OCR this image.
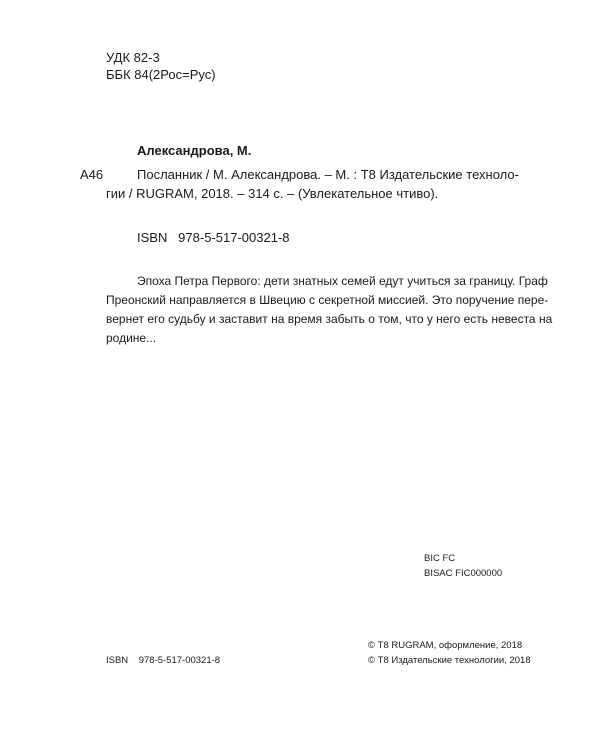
УДК 82-3
ББК 84(2Рос=Рус)
Александрова, М.
А46	Посланник / М. Александрова. – М. : Т8 Издательские техноло-
гии / RUGRAM, 2018. – 314 с. – (Увлекательное чтиво).
ISBN   978-5-517-00321-8
Эпоха Петра Первого: дети знатных семей едут учиться за границу. Граф
Преонский направляется в Швецию с секретной миссией. Это поручение пере-
вернет его судьбу и заставит на время забыть о том, что у него есть невеста на
родине...
BIC FC
BISAC FIC000000
© Т8 RUGRAM, оформление, 2018
ISBN    978-5-517-00321-8	© Т8 Издательские технологии, 2018
